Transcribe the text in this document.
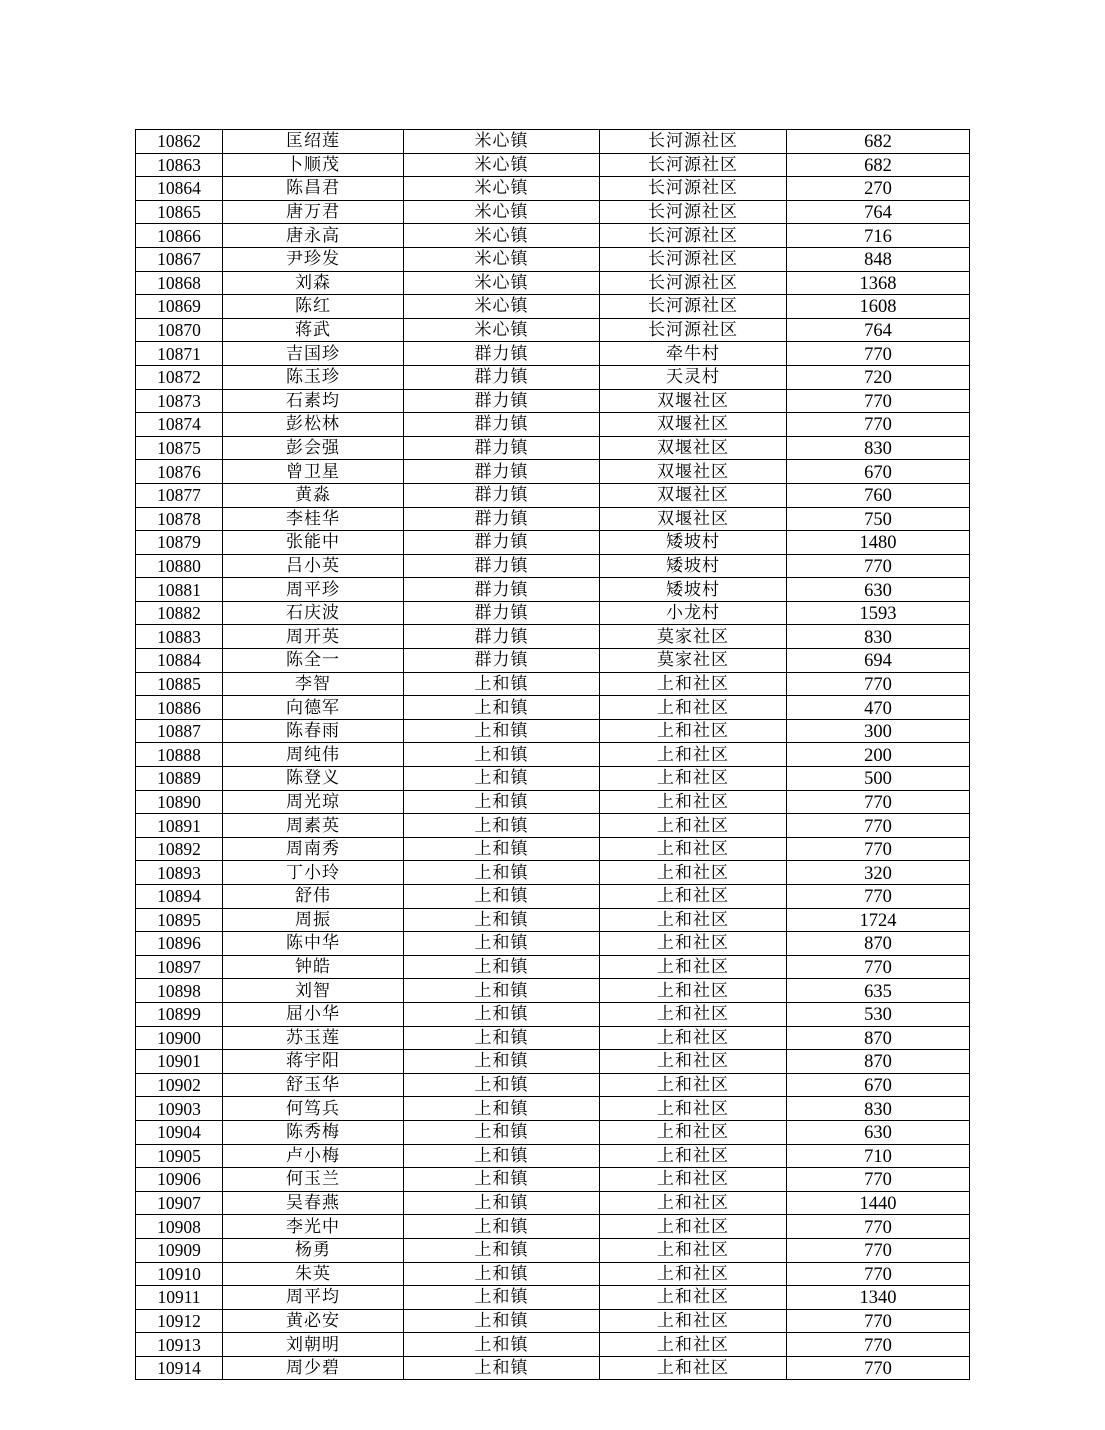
10862	匡绍莲	米心镇	长河源社区	682
10863	卜顺茂	米心镇	长河源社区	682
10864	陈昌君	米心镇	长河源社区	270
10865	唐万君	米心镇	长河源社区	764
10866	唐永高	米心镇	长河源社区	716
10867	尹珍发	米心镇	长河源社区	848
10868	刘森	米心镇	长河源社区	1368
10869	陈红	米心镇	长河源社区	1608
10870	蒋武	米心镇	长河源社区	764
10871	吉国珍	群力镇	牵牛村	770
10872	陈玉珍	群力镇	天灵村	720
10873	石素均	群力镇	双堰社区	770
10874	彭松林	群力镇	双堰社区	770
10875	彭会强	群力镇	双堰社区	830
10876	曾卫星	群力镇	双堰社区	670
10877	黄淼	群力镇	双堰社区	760
10878	李桂华	群力镇	双堰社区	750
10879	张能中	群力镇	矮坡村	1480
10880	吕小英	群力镇	矮坡村	770
10881	周平珍	群力镇	矮坡村	630
10882	石庆波	群力镇	小龙村	1593
10883	周开英	群力镇	莫家社区	830
10884	陈全一	群力镇	莫家社区	694
10885	李智	上和镇	上和社区	770
10886	向德军	上和镇	上和社区	470
10887	陈春雨	上和镇	上和社区	300
10888	周纯伟	上和镇	上和社区	200
10889	陈登义	上和镇	上和社区	500
10890	周光琼	上和镇	上和社区	770
10891	周素英	上和镇	上和社区	770
10892	周南秀	上和镇	上和社区	770
10893	丁小玲	上和镇	上和社区	320
10894	舒伟	上和镇	上和社区	770
10895	周振	上和镇	上和社区	1724
10896	陈中华	上和镇	上和社区	870
10897	钟皓	上和镇	上和社区	770
10898	刘智	上和镇	上和社区	635
10899	屈小华	上和镇	上和社区	530
10900	苏玉莲	上和镇	上和社区	870
10901	蒋宇阳	上和镇	上和社区	870
10902	舒玉华	上和镇	上和社区	670
10903	何笃兵	上和镇	上和社区	830
10904	陈秀梅	上和镇	上和社区	630
10905	卢小梅	上和镇	上和社区	710
10906	何玉兰	上和镇	上和社区	770
10907	吴春燕	上和镇	上和社区	1440
10908	李光中	上和镇	上和社区	770
10909	杨勇	上和镇	上和社区	770
10910	朱英	上和镇	上和社区	770
10911	周平均	上和镇	上和社区	1340
10912	黄必安	上和镇	上和社区	770
10913	刘朝明	上和镇	上和社区	770
10914	周少碧	上和镇	上和社区	770
